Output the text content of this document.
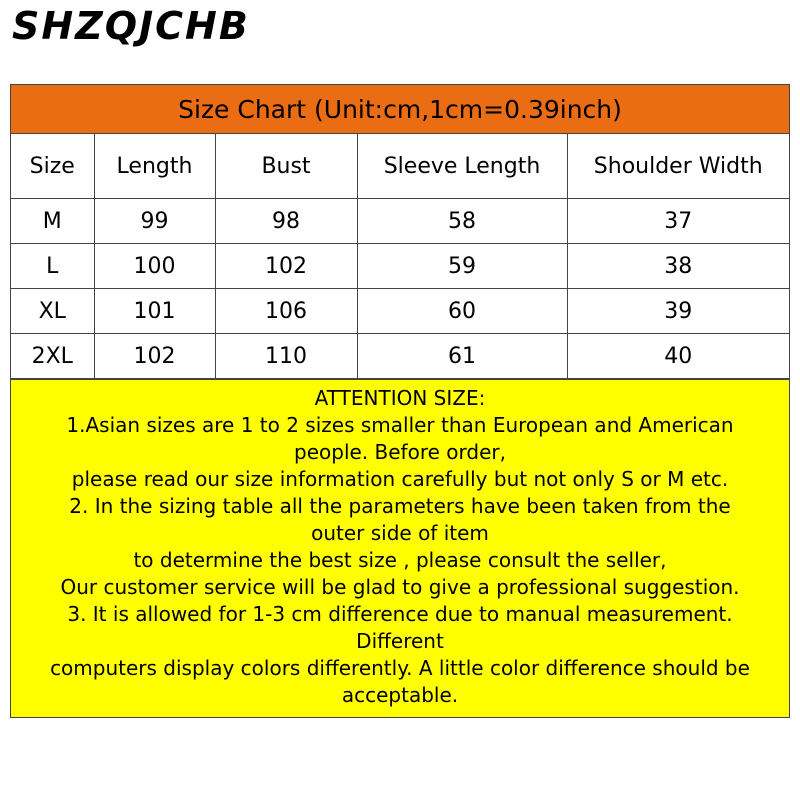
SHZQJCHB
Size Chart (Unit:cm,1cm=0.39inch)
Size	Length	Bust	Sleeve Length	Shoulder Width
M	99	98	58	37
L	100	102	59	38
XL	101	106	60	39
2XL	102	110	61	40
ATTENTION SIZE:
1.Asian sizes are 1 to 2 sizes smaller than European and American
people. Before order,
please read our size information carefully but not only S or M etc.
2. In the sizing table all the parameters have been taken from the
outer side of item
to determine the best size , please consult the seller,
Our customer service will be glad to give a professional suggestion.
3. It is allowed for 1-3 cm difference due to manual measurement.
Different
computers display colors differently. A little color difference should be
acceptable.
